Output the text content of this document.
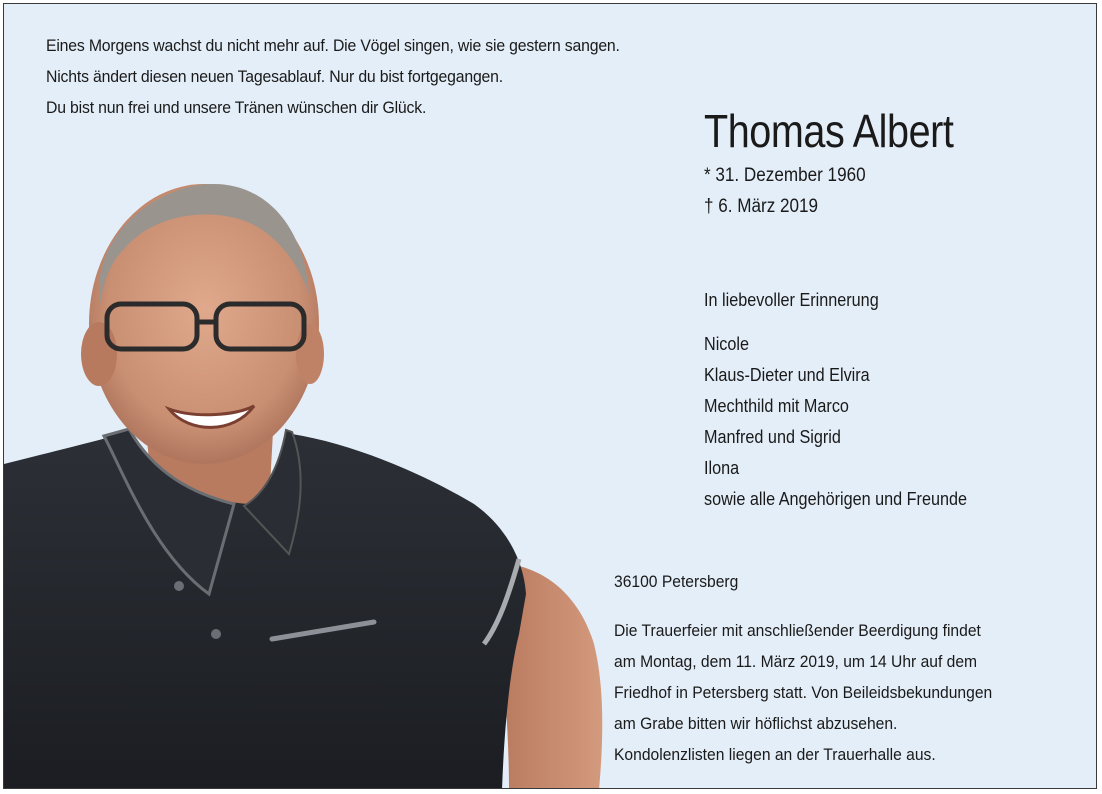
Eines Morgens wachst du nicht mehr auf. Die Vögel singen, wie sie gestern sangen.
Nichts ändert diesen neuen Tagesablauf. Nur du bist fortgegangen.
Du bist nun frei und unsere Tränen wünschen dir Glück.	Thomas Albert
* 31. Dezember 1960
† 6. März 2019
In liebevoller Erinnerung
Nicole
Klaus-Dieter und Elvira
Mechthild mit Marco
Manfred und Sigrid
Ilona
sowie alle Angehörigen und Freunde
36100 Petersberg
Die Trauerfeier mit anschließender Beerdigung findet
am Montag, dem 11. März 2019, um 14 Uhr auf dem
Friedhof in Petersberg statt. Von Beileidsbekundungen
am Grabe bitten wir höflichst abzusehen.
Kondolenzlisten liegen an der Trauerhalle aus.
